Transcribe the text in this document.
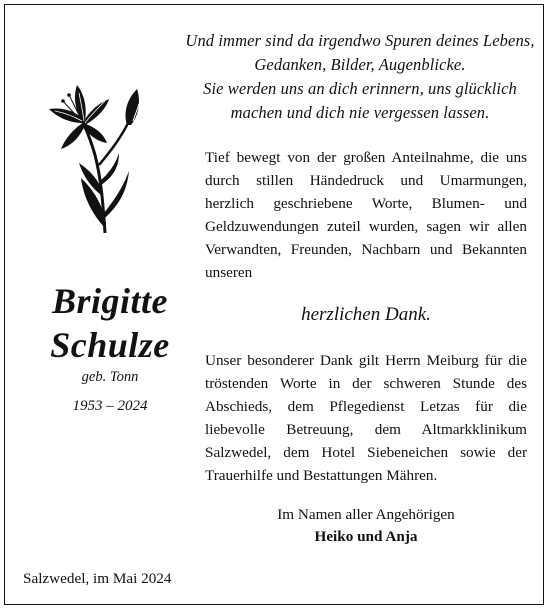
Und immer sind da irgendwo Spuren deines Lebens,
Gedanken, Bilder, Augenblicke.
Sie werden uns an dich erinnern, uns glücklich
machen und dich nie vergessen lassen.
Tief bewegt von der großen Anteilnahme, die uns durch stillen Händedruck und Umarmungen, herzlich geschriebene Worte, Blumen- und Geldzuwendungen zuteil wurden, sagen wir allen Verwandten, Freunden, Nachbarn und Bekannten unseren
herzlichen Dank.
Unser besonderer Dank gilt Herrn Meiburg für die tröstenden Worte in der schweren Stunde des Abschieds, dem Pflegedienst Letzas für die liebevolle Betreuung, dem Altmarkklinikum Salzwedel, dem Hotel Siebeneichen sowie der Trauerhilfe und Bestattungen Mähren.
Brigitte
Schulze
geb. Tonn
1953 – 2024
Im Namen aller Angehörigen
Heiko und Anja
Salzwedel, im Mai 2024
